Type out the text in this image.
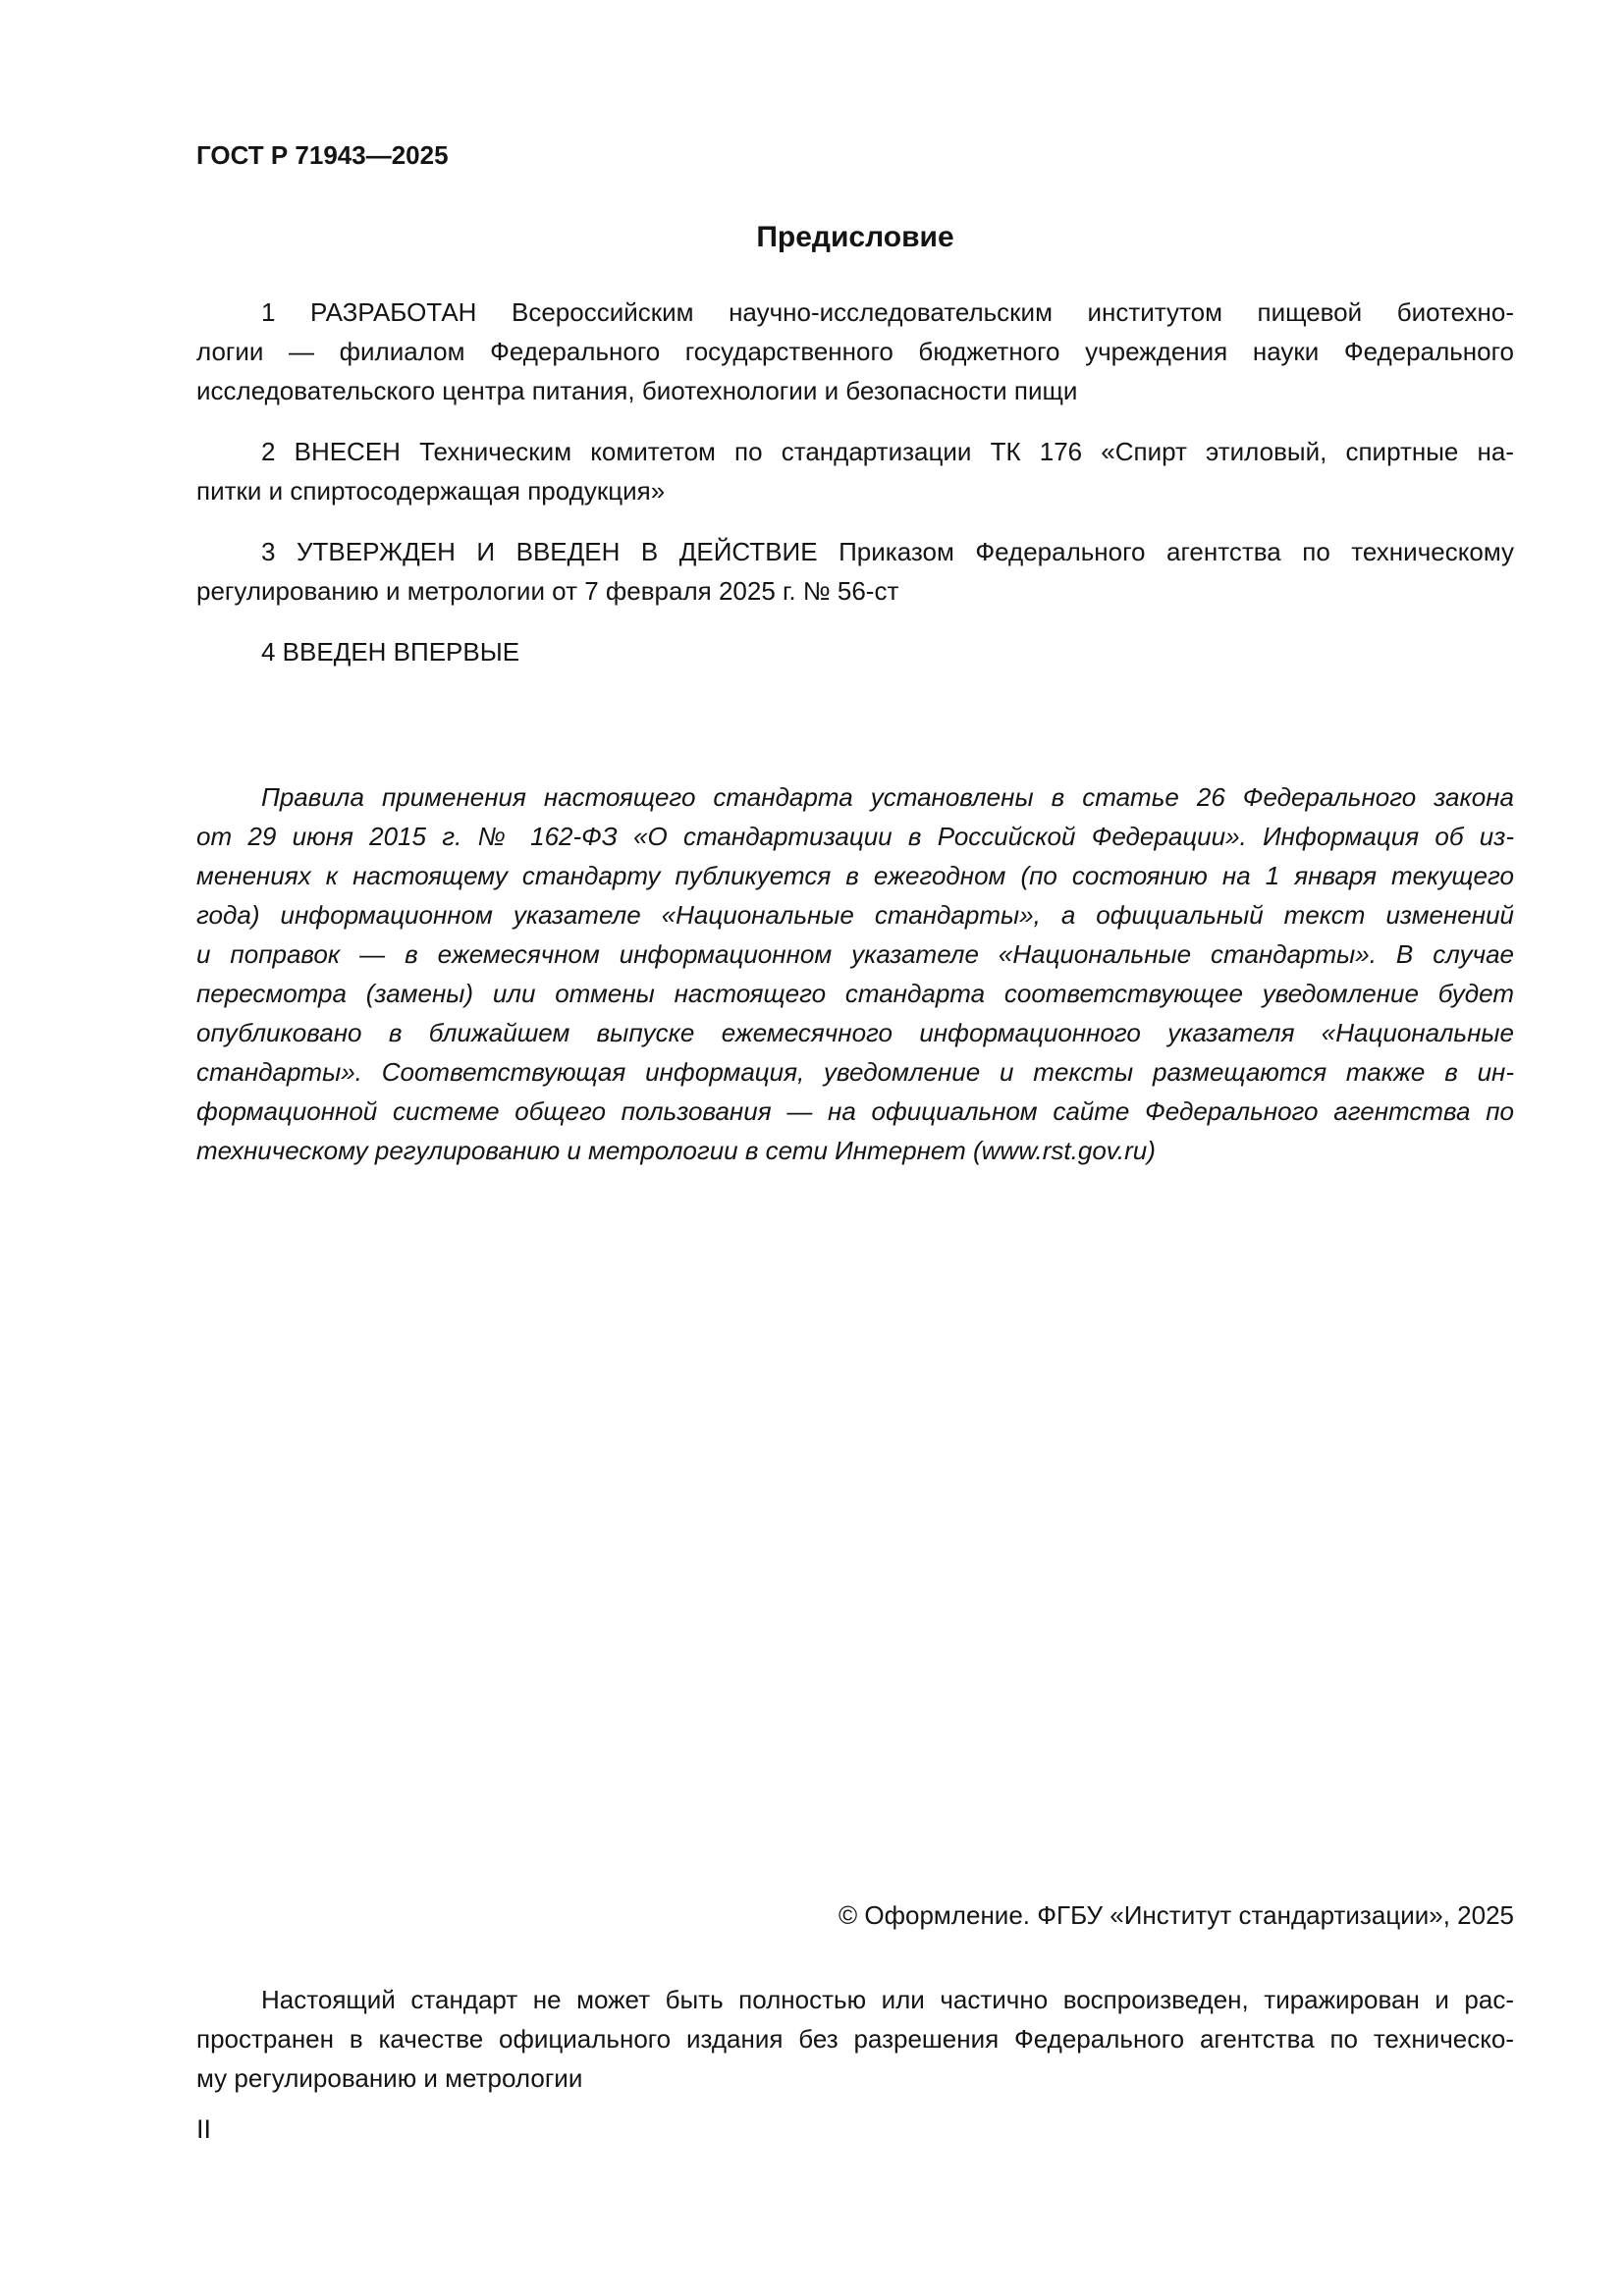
ГОСТ Р 71943—2025
Предисловие
1 РАЗРАБОТАН Всероссийским научно-исследовательским институтом пищевой биотехно-
логии — филиалом Федерального государственного бюджетного учреждения науки Федерального
исследовательского центра питания, биотехнологии и безопасности пищи
2 ВНЕСЕН Техническим комитетом по стандартизации ТК 176 «Спирт этиловый, спиртные на-
питки и спиртосодержащая продукция»
3 УТВЕРЖДЕН И ВВЕДЕН В ДЕЙСТВИЕ Приказом Федерального агентства по техническому
регулированию и метрологии от 7 февраля 2025 г. № 56-ст
4 ВВЕДЕН ВПЕРВЫЕ
Правила применения настоящего стандарта установлены в статье 26 Федерального закона
от 29 июня 2015 г. № 162-ФЗ «О стандартизации в Российской Федерации». Информация об из-
менениях к настоящему стандарту публикуется в ежегодном (по состоянию на 1 января текущего
года) информационном указателе «Национальные стандарты», а официальный текст изменений
и поправок — в ежемесячном информационном указателе «Национальные стандарты». В случае
пересмотра (замены) или отмены настоящего стандарта соответствующее уведомление будет
опубликовано в ближайшем выпуске ежемесячного информационного указателя «Национальные
стандарты». Соответствующая информация, уведомление и тексты размещаются также в ин-
формационной системе общего пользования — на официальном сайте Федерального агентства по
техническому регулированию и метрологии в сети Интернет (www.rst.gov.ru)
© Оформление. ФГБУ «Институт стандартизации», 2025
Настоящий стандарт не может быть полностью или частично воспроизведен, тиражирован и рас-
пространен в качестве официального издания без разрешения Федерального агентства по техническо-
му регулированию и метрологии
II
